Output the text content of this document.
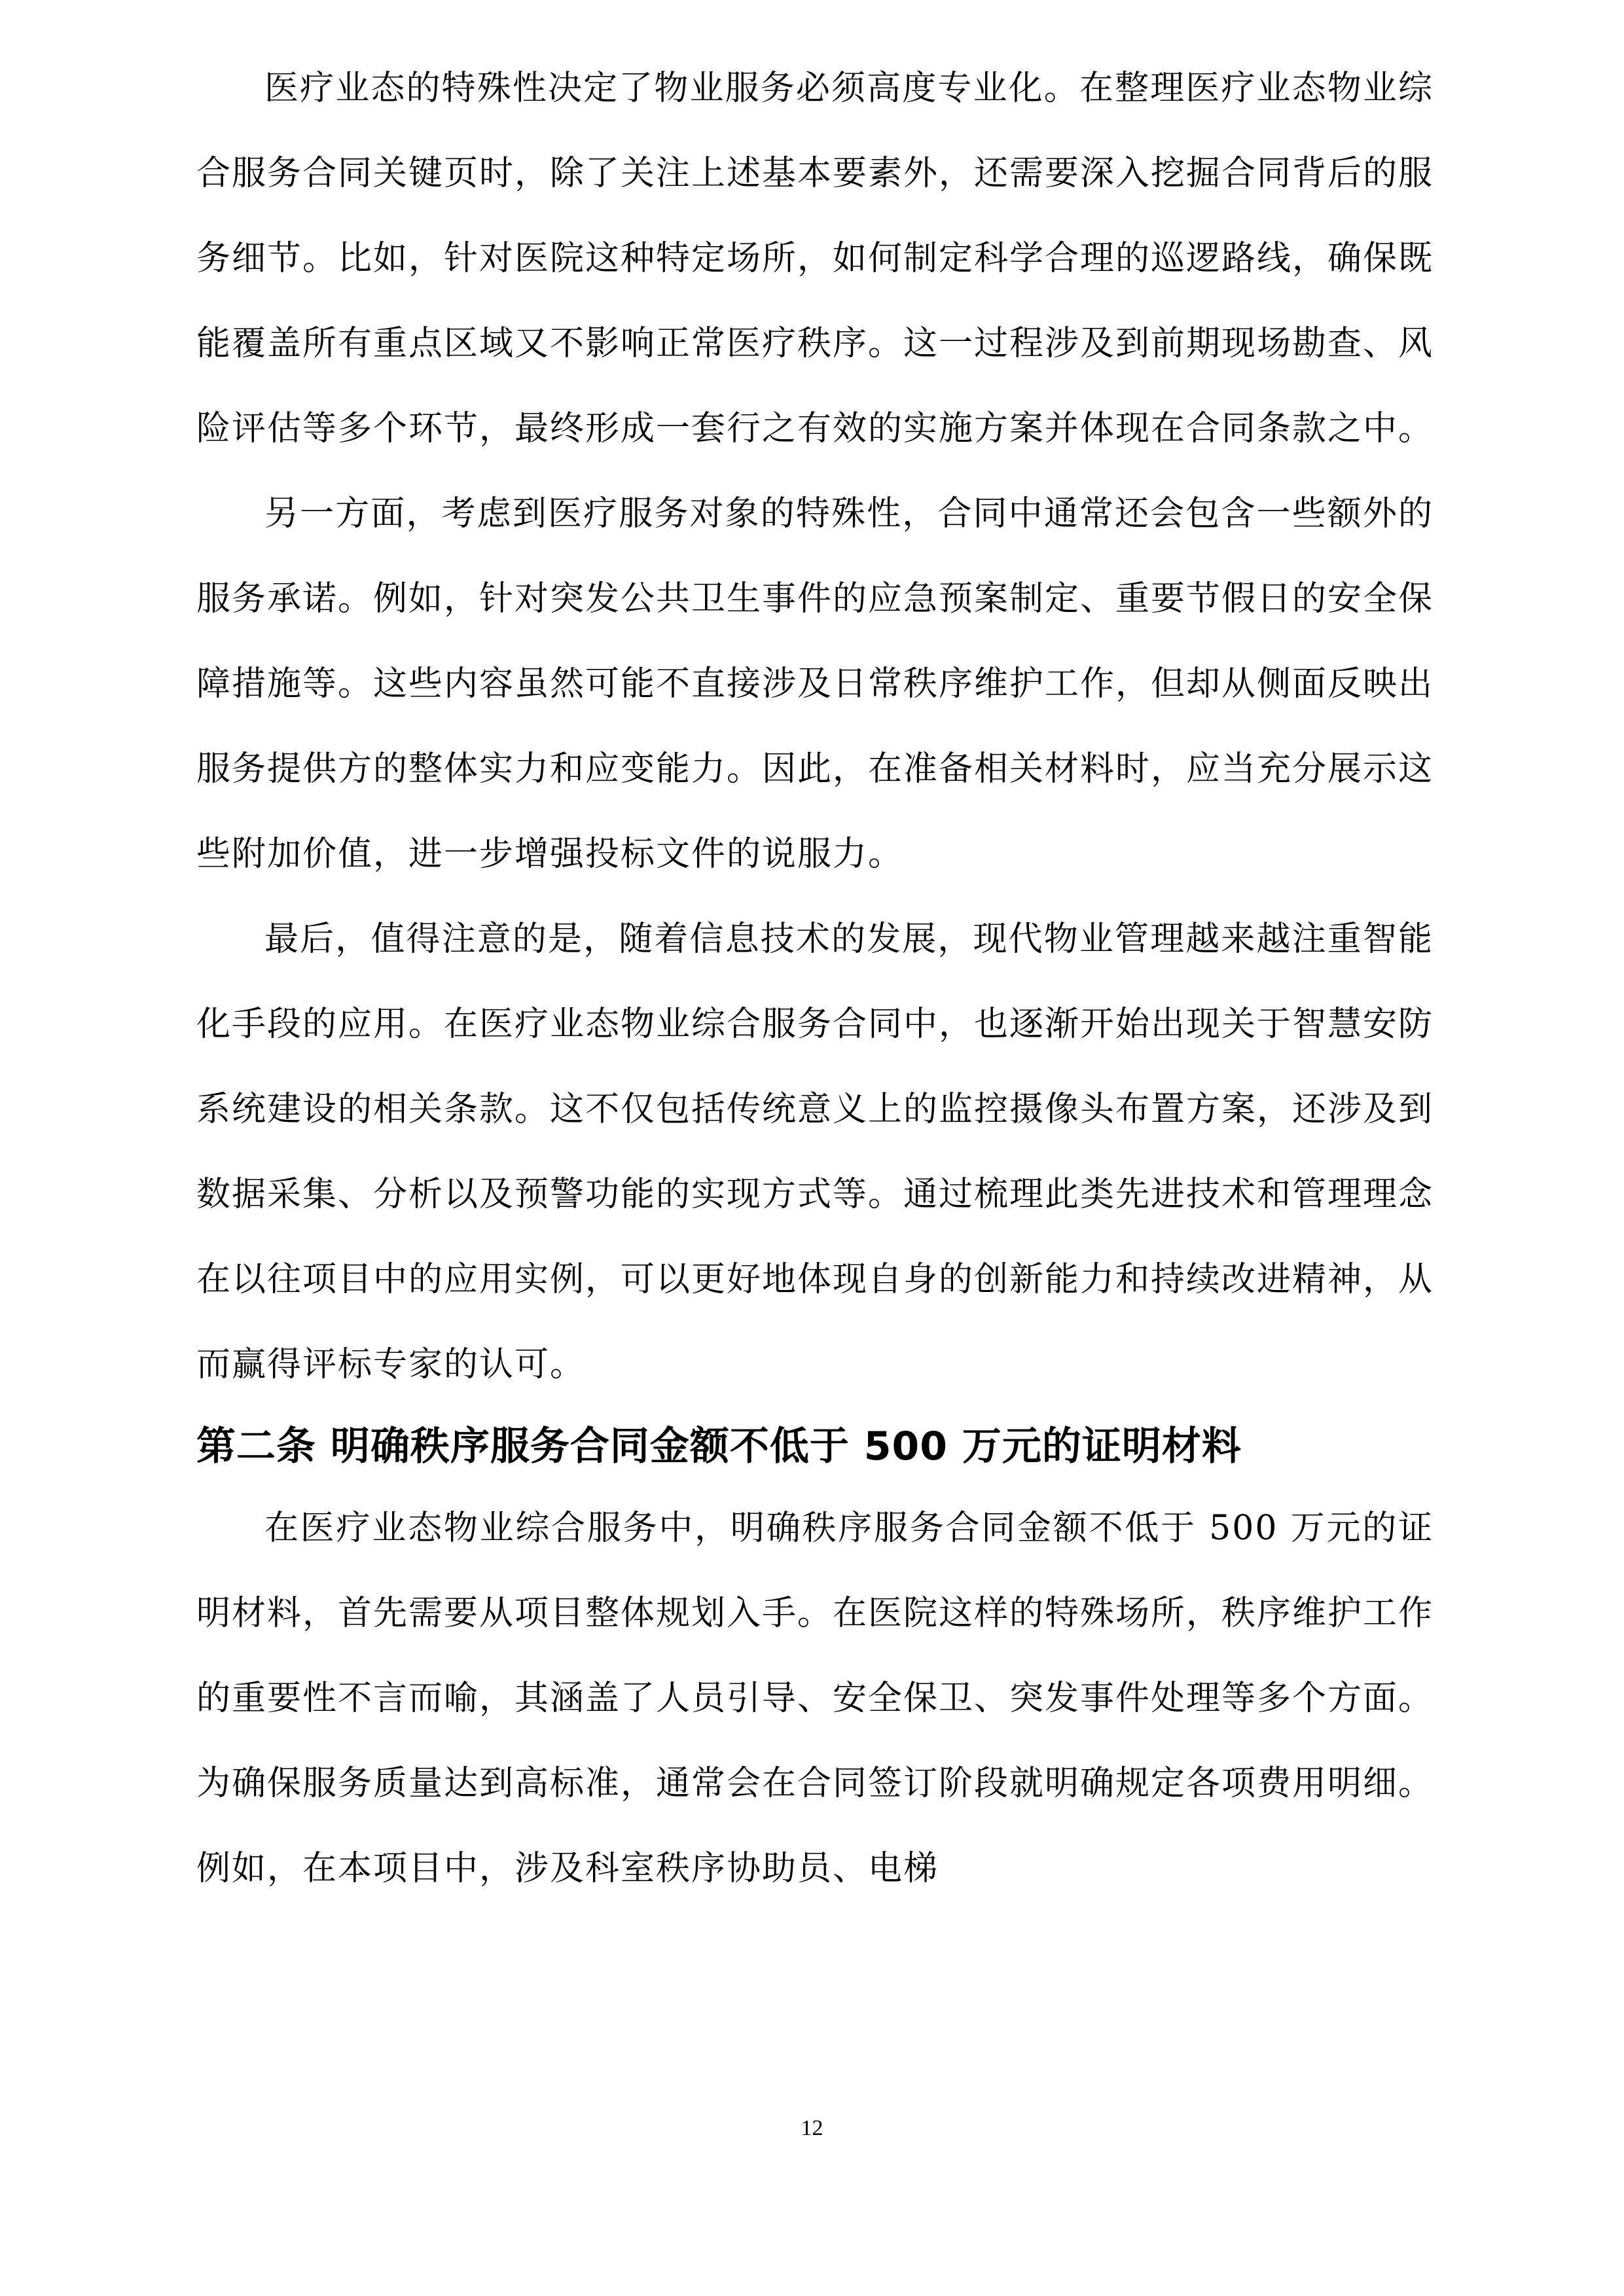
医疗业态的特殊性决定了物业服务必须高度专业化。在整理医疗业态物业综合服务合同关键页时，除了关注上述基本要素外，还需要深入挖掘合同背后的服务细节。比如，针对医院这种特定场所，如何制定科学合理的巡逻路线，确保既能覆盖所有重点区域又不影响正常医疗秩序。这一过程涉及到前期现场勘查、风险评估等多个环节，最终形成一套行之有效的实施方案并体现在合同条款之中。

另一方面，考虑到医疗服务对象的特殊性，合同中通常还会包含一些额外的服务承诺。例如，针对突发公共卫生事件的应急预案制定、重要节假日的安全保障措施等。这些内容虽然可能不直接涉及日常秩序维护工作，但却从侧面反映出服务提供方的整体实力和应变能力。因此，在准备相关材料时，应当充分展示这些附加价值，进一步增强投标文件的说服力。

最后，值得注意的是，随着信息技术的发展，现代物业管理越来越注重智能化手段的应用。在医疗业态物业综合服务合同中，也逐渐开始出现关于智慧安防系统建设的相关条款。这不仅包括传统意义上的监控摄像头布置方案，还涉及到数据采集、分析以及预警功能的实现方式等。通过梳理此类先进技术和管理理念在以往项目中的应用实例，可以更好地体现自身的创新能力和持续改进精神，从而赢得评标专家的认可。

第二条 明确秩序服务合同金额不低于 500 万元的证明材料

在医疗业态物业综合服务中，明确秩序服务合同金额不低于 500 万元的证明材料，首先需要从项目整体规划入手。在医院这样的特殊场所，秩序维护工作的重要性不言而喻，其涵盖了人员引导、安全保卫、突发事件处理等多个方面。为确保服务质量达到高标准，通常会在合同签订阶段就明确规定各项费用明细。例如，在本项目中，涉及科室秩序协助员、电梯

12
